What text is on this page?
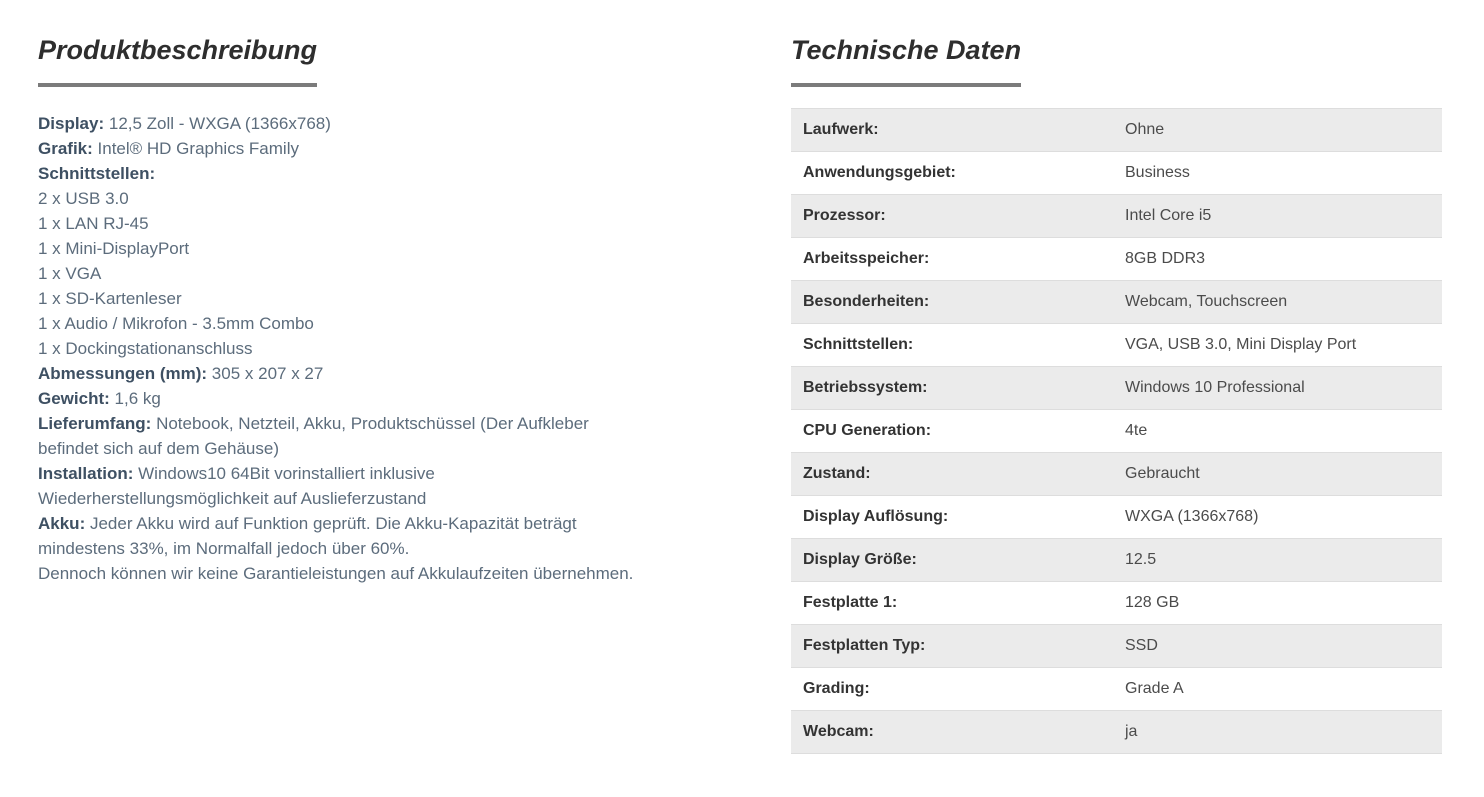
Produktbeschreibung
Display: 12,5 Zoll - WXGA (1366x768)
Grafik: Intel® HD Graphics Family
Schnittstellen:
2 x USB 3.0
1 x LAN RJ-45
1 x Mini-DisplayPort
1 x VGA
1 x SD-Kartenleser
1 x Audio / Mikrofon - 3.5mm Combo
1 x Dockingstationanschluss
Abmessungen (mm): 305 x 207 x 27
Gewicht: 1,6 kg
Lieferumfang: Notebook, Netzteil, Akku, Produktschüssel (Der Aufkleber
befindet sich auf dem Gehäuse)
Installation: Windows10 64Bit vorinstalliert inklusive
Wiederherstellungsmöglichkeit auf Auslieferzustand
Akku: Jeder Akku wird auf Funktion geprüft. Die Akku-Kapazität beträgt
mindestens 33%, im Normalfall jedoch über 60%.
Dennoch können wir keine Garantieleistungen auf Akkulaufzeiten übernehmen.
Technische Daten
Laufwerk:	Ohne
Anwendungsgebiet:	Business
Prozessor:	Intel Core i5
Arbeitsspeicher:	8GB DDR3
Besonderheiten:	Webcam, Touchscreen
Schnittstellen:	VGA, USB 3.0, Mini Display Port
Betriebssystem:	Windows 10 Professional
CPU Generation:	4te
Zustand:	Gebraucht
Display Auflösung:	WXGA (1366x768)
Display Größe:	12.5
Festplatte 1:	128 GB
Festplatten Typ:	SSD
Grading:	Grade A
Webcam:	ja
